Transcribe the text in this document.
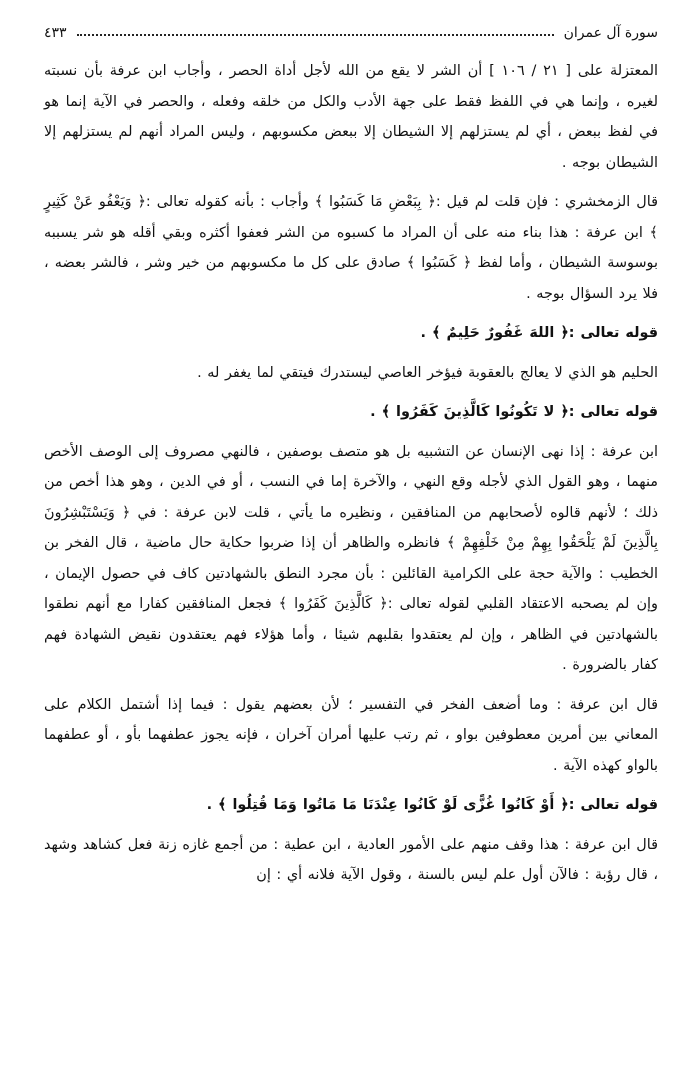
٤٣٣	سورة آل عمران

المعتزلة على [ ٢١ / ١٠٦ ] أن الشر لا يقع من الله لأجل أداة الحصر ، وأجاب ابن عرفة بأن نسبته لغيره ، وإنما هي في اللفظ فقط على جهة الأدب والكل من خلقه وفعله ، والحصر في الآية إنما هو في لفظ ببعض ، أي لم يستزلهم إلا الشيطان إلا ببعض مكسوبهم ، وليس المراد أنهم لم يستزلهم إلا الشيطان بوجه .

قال الزمخشري : فإن قلت لم قيل :﴿ بِبَعْضِ مَا كَسَبُوا ﴾ وأجاب : بأنه كقوله تعالى :﴿ وَيَعْفُو عَنْ كَثِيرٍ ﴾ ابن عرفة : هذا بناء منه على أن المراد ما كسبوه من الشر فعفوا أكثره وبقي أقله هو شر يسببه بوسوسة الشيطان ، وأما لفظ ﴿ كَسَبُوا ﴾ صادق على كل ما مكسوبهم من خير وشر ، فالشر بعضه ، فلا يرد السؤال بوجه .

قوله تعالى :﴿ اللهَ غَفُورٌ حَلِيمٌ ﴾ .

الحليم هو الذي لا يعالج بالعقوبة فيؤخر العاصي ليستدرك فيتقي لما يغفر له .

قوله تعالى :﴿ لا تَكُونُوا كَالَّذِينَ كَفَرُوا ﴾ .

ابن عرفة : إذا نهى الإنسان عن التشبيه بل هو متصف بوصفين ، فالنهي مصروف إلى الوصف الأخص منهما ، وهو القول الذي لأجله وقع النهي ، والآخرة إما في النسب ، أو في الدين ، وهو هذا أخص من ذلك ؛ لأنهم قالوه لأصحابهم من المنافقين ، ونظيره ما يأتي ، قلت لابن عرفة : في ﴿ وَيَسْتَبْشِرُونَ بِالَّذِينَ لَمْ يَلْحَقُوا بِهِمْ مِنْ خَلْفِهِمْ ﴾ فانظره والظاهر أن إذا ضربوا حكاية حال ماضية ، قال الفخر بن الخطيب : والآية حجة على الكرامية القائلين : بأن مجرد النطق بالشهادتين كاف في حصول الإيمان ، وإن لم يصحبه الاعتقاد القلبي لقوله تعالى :﴿ كَالَّذِينَ كَفَرُوا ﴾ فجعل المنافقين كفارا مع أنهم نطقوا بالشهادتين في الظاهر ، وإن لم يعتقدوا بقلبهم شيئا ، وأما هؤلاء فهم يعتقدون نقيض الشهادة فهم كفار بالضرورة .

قال ابن عرفة : وما أضعف الفخر في التفسير ؛ لأن بعضهم يقول : فيما إذا أشتمل الكلام على المعاني بين أمرين معطوفين بواو ، ثم رتب عليها أمران آخران ، فإنه يجوز عطفهما بأو ، أو عطفهما بالواو كهذه الآية .

قوله تعالى :﴿ أَوْ كَانُوا غُزًّى لَوْ كَانُوا عِنْدَنَا مَا مَاتُوا وَمَا قُتِلُوا ﴾ .

قال ابن عرفة : هذا وقف منهم على الأمور العادية ، ابن عطية : من أجمع غازه زنة فعل كشاهد وشهد ، قال رؤبة : فالآن أول علم ليس بالسنة ، وقول الآية فلانه أي : إن
